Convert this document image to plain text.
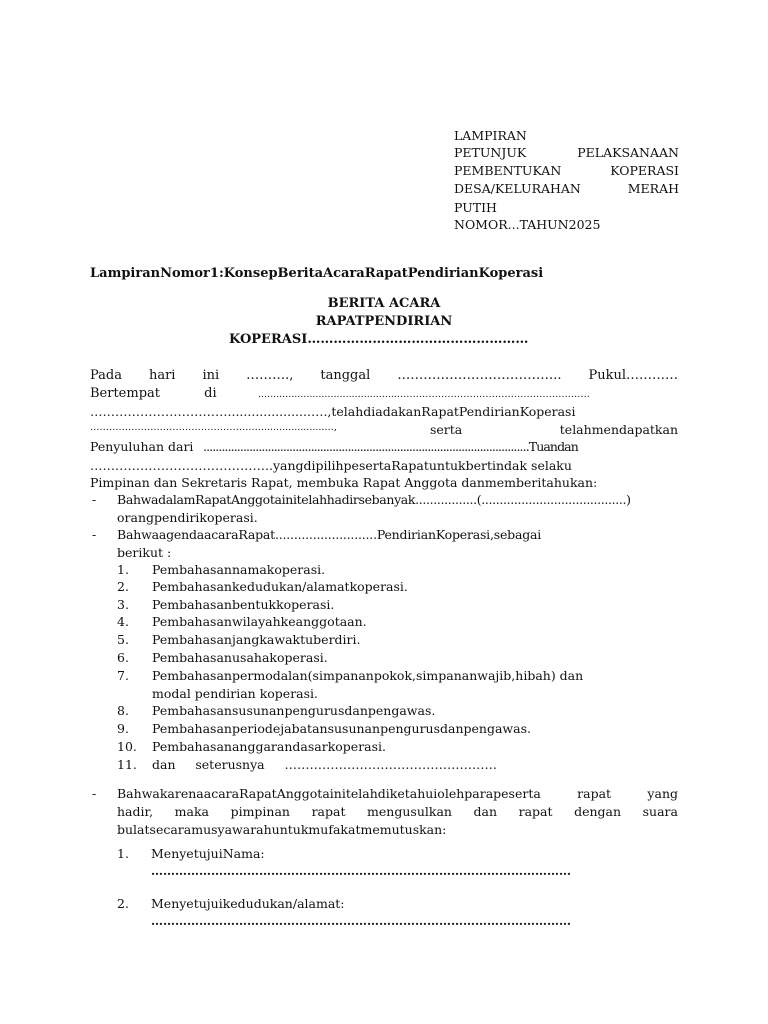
LAMPIRAN
PETUNJUK PELAKSANAAN
PEMBENTUKAN KOPERASI
DESA/KELURAHAN MERAH
PUTIH
NOMOR...TAHUN2025
LampiranNomor1:KonsepBeritaAcaraRapatPendirianKoperasi
BERITA ACARA
RAPATPENDIRIAN
KOPERASI……………………………………………
Pada hari ini ………., tanggal ……………………………….. Pukul…………
Bertempat di	...............................................……………………………………………………
…………………………….....................….,telahdiadakanRapatPendirianKoperasi
……………………………………………….....................…,	serta telahmendapatkan
Penyuluhan dari ..........................................................................................................Tuandan
……………………………………..yangdipilihpesertaRapatuntukbertindak selaku
Pimpinan dan Sekretaris Rapat, membuka Rapat Anggota danmemberitahukan:
- BahwadalamRapatAnggotainitelahhadirsebanyak.................(........................................)
orangpendirikoperasi.
- BahwaagendaacaraRapat...........................PendirianKoperasi,sebagai
berikut :
1.	Pembahasannamakoperasi.
2.	Pembahasankedudukan/alamatkoperasi.
3.	Pembahasanbentukkoperasi.
4.	Pembahasanwilayahkeanggotaan.
5.	Pembahasanjangkawaktuberdiri.
6.	Pembahasanusahakoperasi.
7.	Pembahasanpermodalan(simpananpokok,simpananwajib,hibah) dan
modal pendirian koperasi.
8.	Pembahasansusunanpengurusdanpengawas.
9.	Pembahasanperiodejabatansusunanpengurusdanpengawas.
10.	Pembahasananggarandasarkoperasi.
11.	dan     seterusnya     ……………………………………………
- BahwakarenaacaraRapatAnggotainitelahdiketahuiolehparapeserta rapat yang
hadir, maka pimpinan rapat mengusulkan dan rapat dengan suara
bulatsecaramusyawarahuntukmufakatmemutuskan:
1. MenyetujuiNama:
……………………………………………………………………………………………
2. Menyetujuikedudukan/alamat:
……………………………………………………………………………………………
